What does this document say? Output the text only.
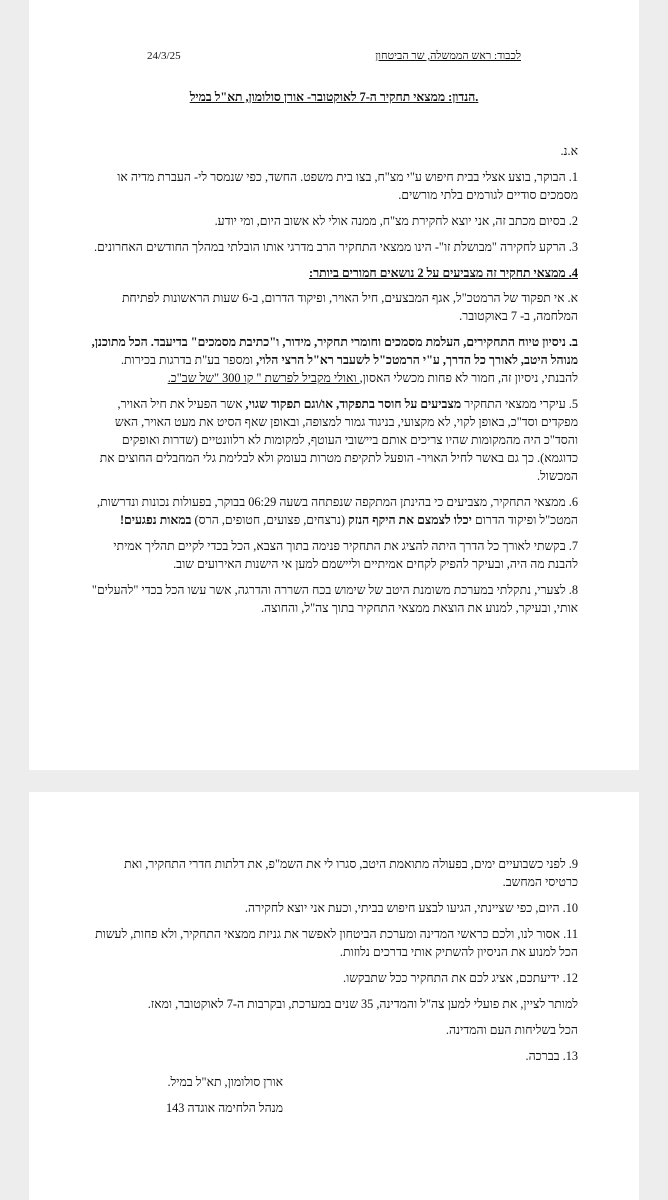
24/3/25	לכבוד: ראש הממשלה, שר הביטחון
הנדון: ממצאי תחקיר ה-7 לאוקטובר- אורן סולומון, תא"ל במיל.

א.נ.

1. הבוקר, בוצע אצלי בבית חיפוש ע"י מצ"ח, בצו בית משפט. החשד, כפי שנמסר לי- העברת מדיה או מסמכים סודיים לגורמים בלתי מורשים.

2. בסיום מכתב זה, אני יוצא לחקירת מצ"ח, ממנה אולי לא אשוב היום, ומי יודע.

3. הרקע לחקירה "מבושלת זו"- הינו ממצאי התחקיר הרב מדרגי אותו הובלתי במהלך החודשים האחרונים.

4. ממצאי תחקיר זה מצביעים על 2 נושאים חמורים ביותר:

א. אי תפקוד של הרמטכ"ל, אגף המבצעים, חיל האויר, ופיקוד הדרום, ב-6 שעות הראשונות לפתיחת המלחמה, ב- 7 באוקטובר.

ב. ניסיון טיוח התחקירים, העלמת מסמכים וחומרי תחקיר, מידור, ו"כתיבת מסמכים" בדיעבד. הכל מתוכנן, מנוהל היטב, לאורך כל הדרך, ע"י הרמטכ"ל לשעבר רא"ל הרצי הלוי, ומספר בע"ת בדרגות בכירות. להבנתי, ניסיון זה, חמור לא פחות מכשלי האסון, ואולי מקביל לפרשת " קו 300 "של שב"כ.

5. עיקרי ממצאי התחקיר מצביעים על חוסר בתפקוד, או/וגם תפקוד שגוי, אשר הפעיל את חיל האויר, מפקדים וסד"כ, באופן לקוי, לא מקצועי, בניגוד גמור למצופה, ובאופן שאף הסיט את מעט האויר, האש והסד"כ היה מהמקומות שהיו צריכים אותם ביישובי העוטף, למקומות לא רלוונטיים (שדרות ואופקים כדוגמא). כך גם באשר לחיל האויר- הופעל לתקיפת מטרות בעומק ולא לבלימת גלי המחבלים החוצים את המכשול.

6. ממצאי התחקיר, מצביעים כי בהינתן המתקפה שנפתחה בשעה 06:29 בבוקר, בפעולות נכונות ונדרשות, המטכ"ל ופיקוד הדרום יכלו לצמצם את היקף הנזק (נרצחים, פצועים, חטופים, הרס) במאות נפגעים!

7. בקשתי לאורך כל הדרך היתה להציג את התחקיר פנימה בתוך הצבא, הכל בכדי לקיים תהליך אמיתי להבנת מה היה, ובעיקר להפיק לקחים אמיתיים וליישמם למען אי הישנות האירועים שוב.

8. לצערי, נתקלתי במערכת משומנת היטב של שימוש בכח השררה והדרגה, אשר עשו הכל בכדי "להעלים" אותי, ובעיקר, למנוע את הוצאת ממצאי התחקיר בתוך צה"ל, והחוצה.

9. לפני כשבועיים ימים, בפעולה מתואמת היטב, סגרו לי את השמ"פ, את דלתות חדרי התחקיר, ואת כרטיסי המחשב.

10. היום, כפי שציינתי, הגיעו לבצע חיפוש בביתי, וכעת אני יוצא לחקירה.

11. אסור לנו, ולכם כראשי המדינה ומערכת הביטחון לאפשר את גניזת ממצאי התחקיר, ולא פחות, לעשות הכל למנוע את הניסיון להשתיק אותי בדרכים נלוזות.

12. ידיעתכם, אציג לכם את התחקיר ככל שתבקשו.

למותר לציין, את פועלי למען צה"ל והמדינה, 35 שנים במערכת, ובקרבות ה-7 לאוקטובר, ומאז.

הכל בשליחות העם והמדינה.

13. בברכה.

אורן סולומון, תא"ל במיל.

מנהל הלחימה אוגדה 143
